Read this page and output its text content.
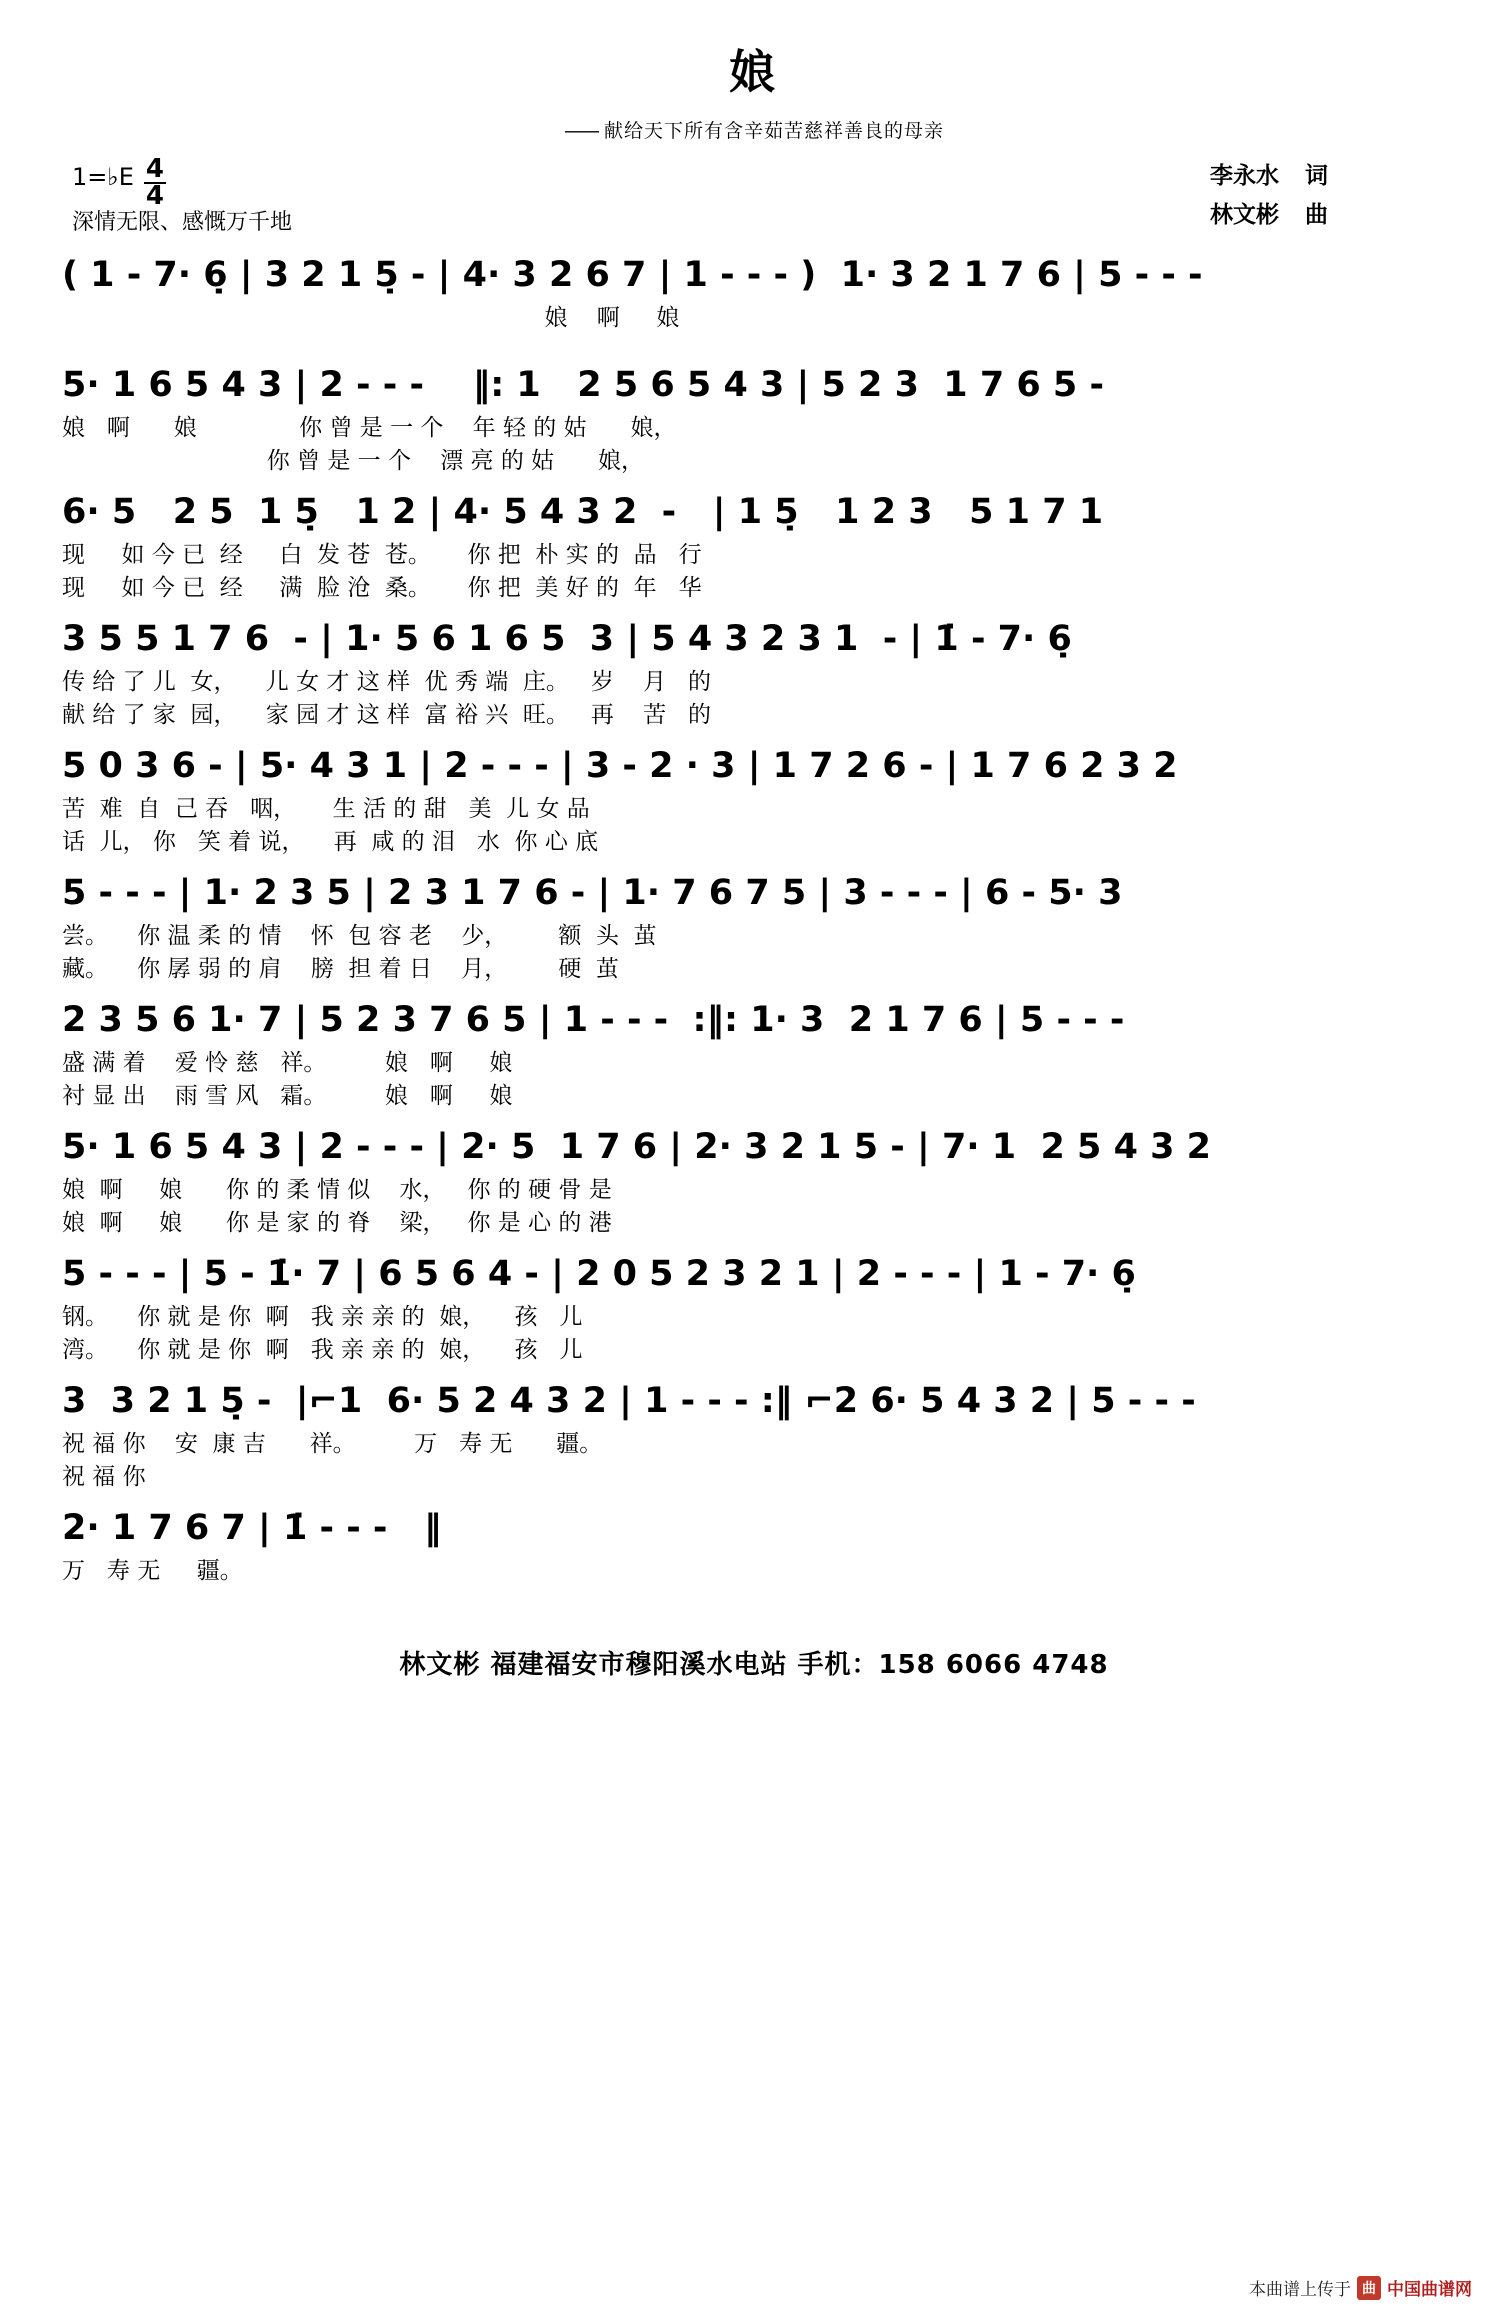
娘
—— 献给天下所有含辛茹苦慈祥善良的母亲
1=♭E $\frac{4}{4}$
深情无限、感慨万千地
李永水 词
林文彬 曲
( 1 - 7· 6̣ | 3 2 1 5̣ - | 4· 3 2 6 7 | 1 - - - )  1· 3 2 1 7 6 | 5 - - -
娘    啊     娘
5· 1 6 5 4 3 | 2 - - -    ‖: 1   2 5 6 5 4 3 | 5 2 3  1 7 6 5 -
娘   啊      娘              你 曾 是 一 个    年 轻 的 姑      娘，
你 曾 是 一 个    漂 亮 的 姑      娘，
6· 5   2 5  1 5̣   1 2 | 4· 5 4 3 2  -   | 1 5̣   1 2 3   5 1 7 1
现     如 今 已  经     白  发 苍  苍。     你 把  朴 实 的  品   行
现     如 今 已  经     满  脸 沧  桑。     你 把  美 好 的  年   华
3 5 5 1 7 6  - | 1· 5 6 1 6 5  3 | 5 4 3 2 3 1  - | 1̇ - 7· 6̣
传 给 了 儿  女，    儿 女 才 这 样  优 秀 端  庄。   岁    月   的
献 给 了 家  园，    家 园 才 这 样  富 裕 兴  旺。   再    苦   的
5 0 3 6 - | 5· 4 3 1 | 2 - - - | 3 - 2 · 3 | 1 7 2 6 - | 1 7 6 2 3 2
苦  难  自  己 吞   咽，     生 活 的 甜   美  儿 女 品
话  儿， 你   笑 着 说，    再  咸 的 泪   水  你 心 底
5 - - - | 1· 2 3 5 | 2 3 1 7 6 - | 1· 7 6 7 5 | 3 - - - | 6 - 5· 3
尝。    你 温 柔 的 情    怀  包 容 老    少，       额  头  茧
藏。    你 孱 弱 的 肩    膀  担 着 日    月，       硬  茧
2 3 5 6 1· 7 | 5 2 3 7 6 5 | 1 - - -  :‖: 1· 3  2 1 7 6 | 5 - - -
盛 满 着    爱 怜 慈   祥。        娘   啊     娘
衬 显 出    雨 雪 风   霜。        娘   啊     娘
5· 1 6 5 4 3 | 2 - - - | 2· 5  1 7 6 | 2· 3 2 1 5 - | 7· 1  2 5 4 3 2
娘  啊     娘      你 的 柔 情 似    水，   你 的 硬 骨 是
娘  啊     娘      你 是 家 的 脊    梁，   你 是 心 的 港
5 - - - | 5 - 1̇· 7 | 6 5 6 4 - | 2 0 5 2 3 2 1 | 2 - - - | 1 - 7· 6̣
钢。    你 就 是 你  啊   我 亲 亲 的  娘，    孩   儿
湾。    你 就 是 你  啊   我 亲 亲 的  娘，    孩   儿
3  3 2 1 5̣ -  |⌐1  6· 5 2 4 3 2 | 1 - - - :‖ ⌐2 6· 5 4 3 2 | 5 - - -
祝 福 你    安  康 吉      祥。        万   寿 无      疆。
祝 福 你
2· 1 7 6 7 | 1̇ - - -   ‖
万   寿 无     疆。
林文彬 福建福安市穆阳溪水电站 手机：158 6066 4748
本曲谱上传于 曲 中国曲谱网
